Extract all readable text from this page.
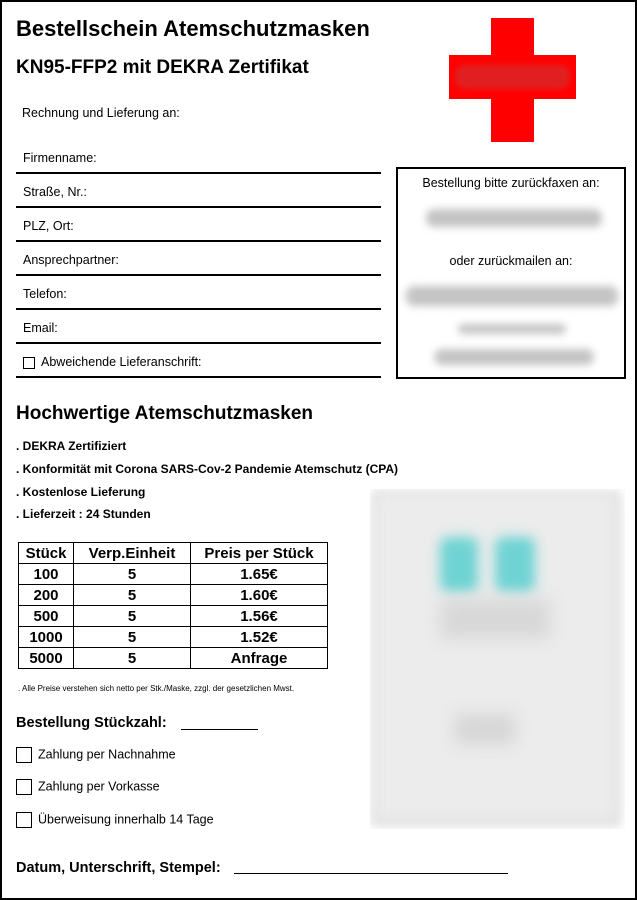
Bestellschein Atemschutzmasken
KN95-FFP2 mit DEKRA Zertifikat
Rechnung und Lieferung an:
Firmenname:
Straße, Nr.:
PLZ, Ort:
Ansprechpartner:
Telefon:
Email:
Abweichende Lieferanschrift:
Bestellung bitte zurückfaxen an:
oder zurückmailen an:
Hochwertige Atemschutzmasken
. DEKRA Zertifiziert
. Konformität mit Corona SARS-Cov-2 Pandemie Atemschutz (CPA)
. Kostenlose Lieferung
. Lieferzeit : 24 Stunden
Stück	Verp.Einheit	Preis per Stück
100	5	1.65€
200	5	1.60€
500	5	1.56€
1000	5	1.52€
5000	5	Anfrage
. Alle Preise verstehen sich netto per Stk./Maske, zzgl. der gesetzlichen Mwst.
Bestellung Stückzahl:
Zahlung per Nachnahme
Zahlung per Vorkasse
Überweisung innerhalb 14 Tage
Datum, Unterschrift, Stempel:
